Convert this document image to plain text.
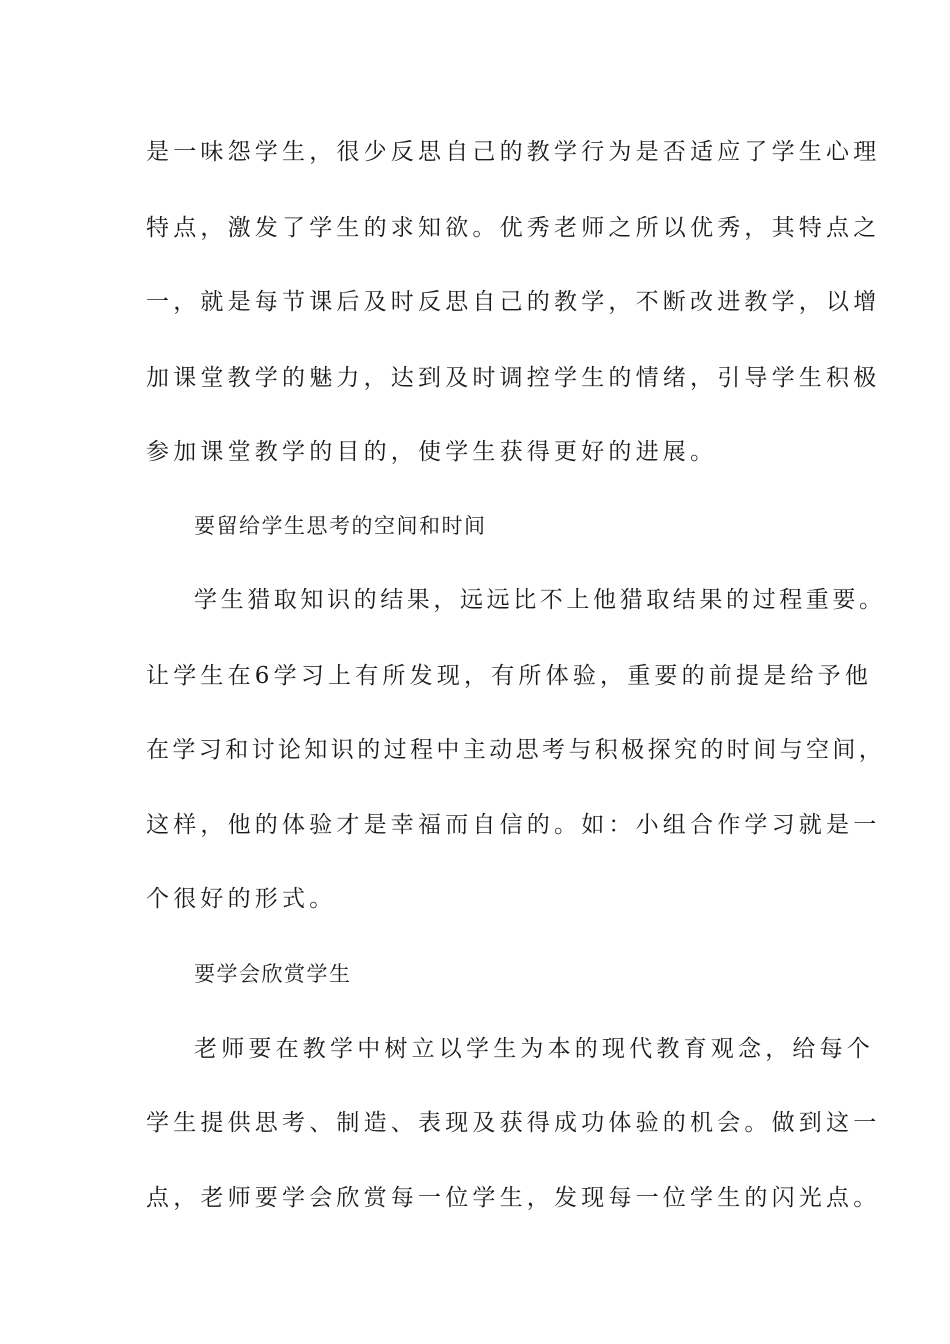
是一味怨学生，很少反思自己的教学行为是否适应了学生心理
特点，激发了学生的求知欲。优秀老师之所以优秀，其特点之
一，就是每节课后及时反思自己的教学，不断改进教学，以增
加课堂教学的魅力，达到及时调控学生的情绪，引导学生积极
参加课堂教学的目的，使学生获得更好的进展。
要留给学生思考的空间和时间
学生猎取知识的结果，远远比不上他猎取结果的过程重要。
让学生在6学习上有所发现，有所体验，重要的前提是给予他
在学习和讨论知识的过程中主动思考与积极探究的时间与空间，
这样，他的体验才是幸福而自信的。如：小组合作学习就是一
个很好的形式。
要学会欣赏学生
老师要在教学中树立以学生为本的现代教育观念，给每个
学生提供思考、制造、表现及获得成功体验的机会。做到这一
点，老师要学会欣赏每一位学生，发现每一位学生的闪光点。
